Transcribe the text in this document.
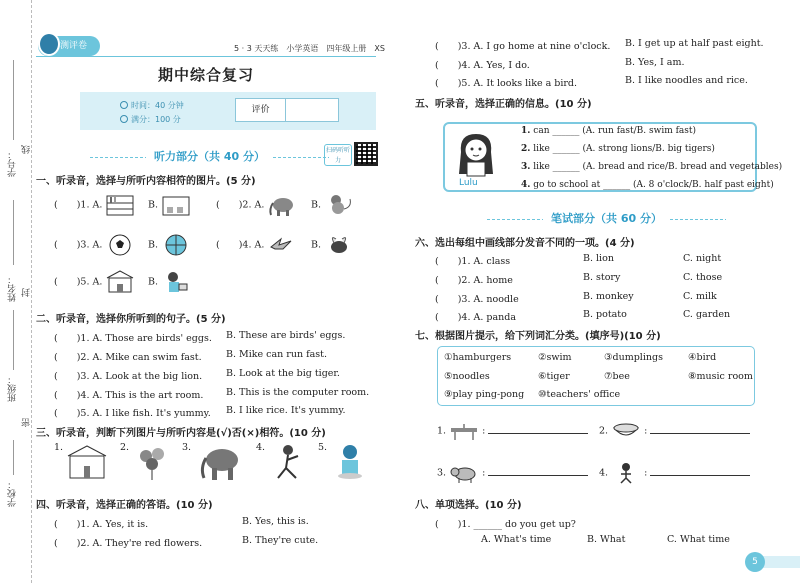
学号：
线
姓名： 封
班级：
密
学校：
测评卷	5 · 3 天天练　小学英语　四年级上册　XS
期中综合复习
时间：40 分钟
满分：100 分
评价
扫码听听力
听力部分（共 40 分）
一、听录音，选择与所听内容相符的图片。(5 分)
(　　)1. A.	B.	(　　)2. A.	B.
(　　)3. A.	B.	(　　)4. A.	B.
(　　)5. A.	B.
二、听录音，选择你所听到的句子。(5 分)
(　　)1. A. Those are birds' eggs. B. These are birds' eggs.
(　　)2. A. Mike can swim fast.	B. Mike can run fast.
(　　)3. A. Look at the big lion.	B. Look at the big tiger.
(　　)4. A. This is the art room. B. This is the computer room.
(　　)5. A. I like fish. It's yummy. B. I like rice. It's yummy.
三、听录音，判断下列图片与所听内容是(√)否(×)相符。(10 分)
1.	2.	3.	4.	5.
四、听录音，选择正确的答语。(10 分)
(　　)1. A. Yes, it is.	B. Yes, this is.
(　　)2. A. They're red flowers.	B. They're cute.
(　　)3. A. I go home at nine o'clock. B. I get up at half past eight.
(　　)4. A. Yes, I do.	B. Yes, I am.
(　　)5. A. It looks like a bird.	B. I like noodles and rice.
五、听录音，选择正确的信息。(10 分)
Lulu
1. can ______ (A. run fast/B. swim fast)
2. like ______ (A. strong lions/B. big tigers)
3. like ______ (A. bread and rice/B. bread and vegetables)
4. go to school at ______ (A. 8 o'clock/B. half past eight)
笔试部分（共 60 分）
六、选出每组中画线部分发音不同的一项。(4 分)
(　　)1. A. class	B. lion	C. night
(　　)2. A. home	B. story	C. those
(　　)3. A. noodle	B. monkey	C. milk
(　　)4. A. panda	B. potato	C. garden
七、根据图片提示，给下列词汇分类。(填序号)(10 分)
①hamburgers	②swim	③dumplings	④bird
⑤noodles	⑥tiger	⑦bee	⑧music room
⑨play ping-pong ⑩teachers' office
1.	:	2.	:
3.	:	4.	:
八、单项选择。(10 分)
(　　)1. ______ do you get up?
A. What's time	B. What	C. What time
5
